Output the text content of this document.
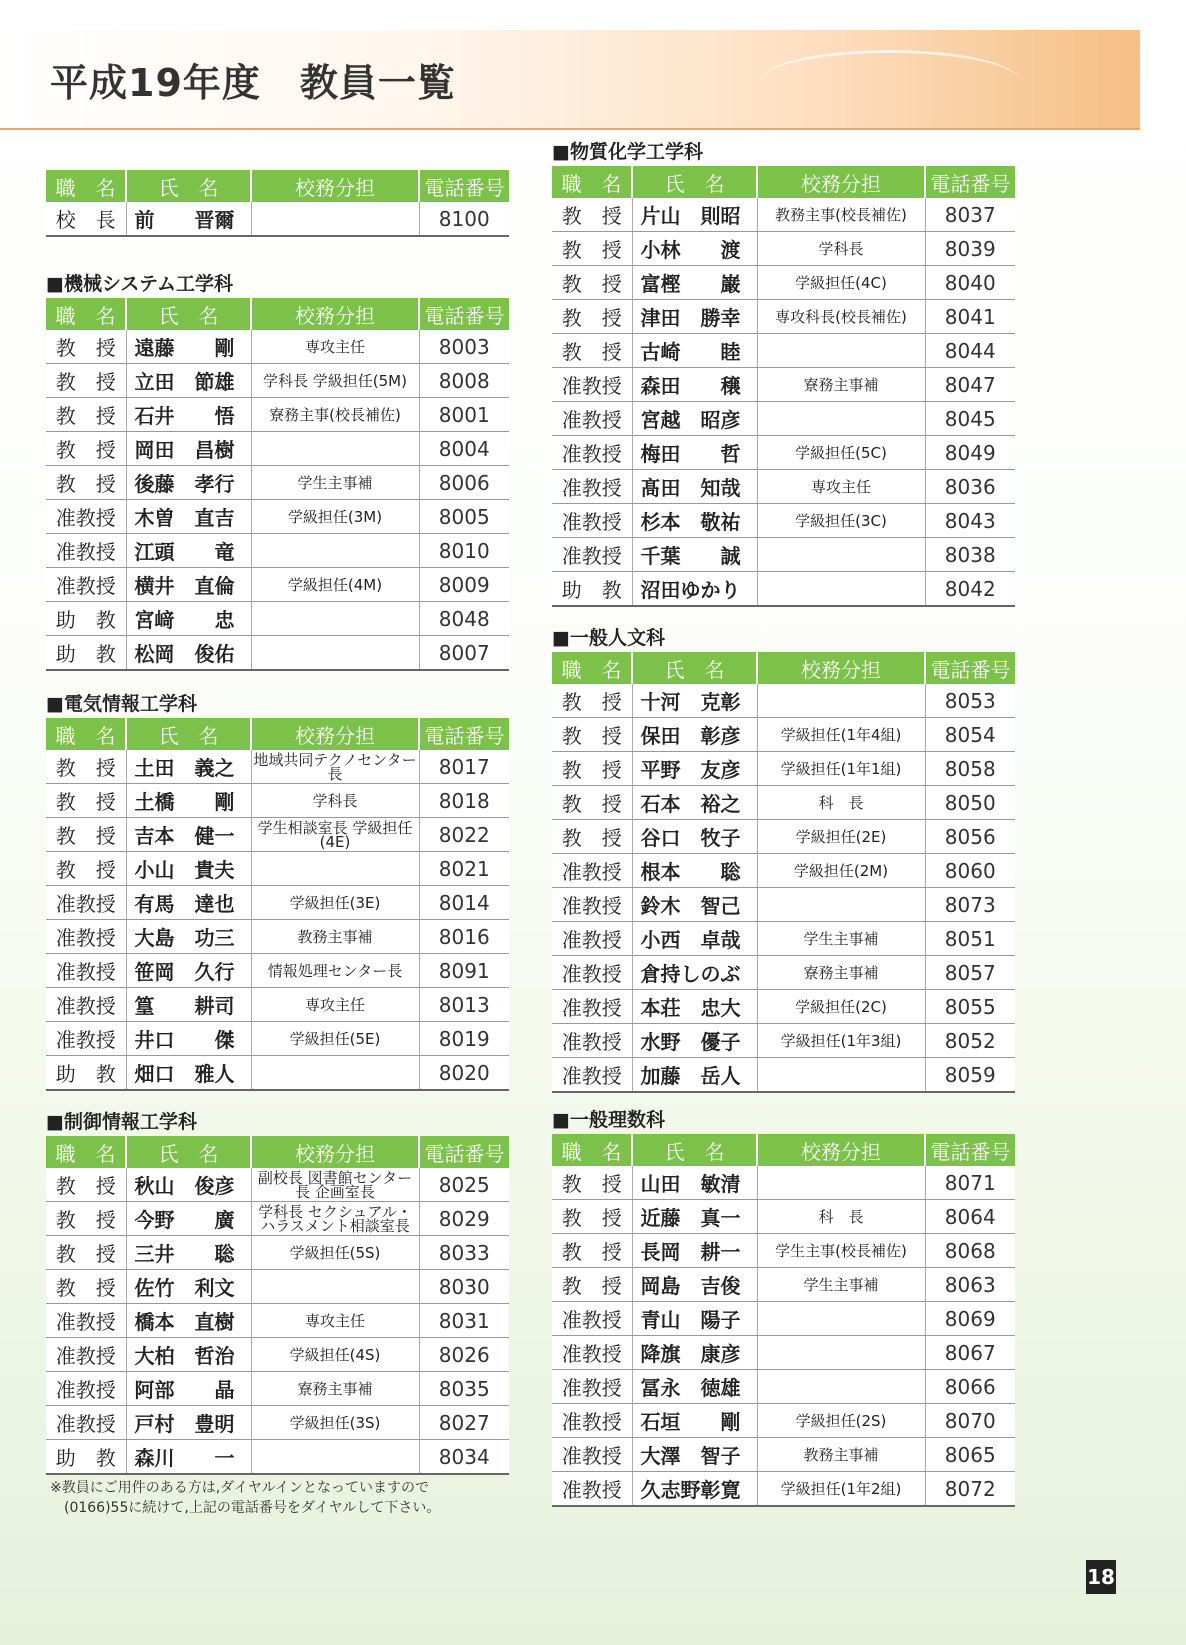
平成19年度　教員一覧
職　名	氏　名	校務分担	電話番号
校　長	前　　晋爾		8100
■機械システム工学科
職　名	氏　名	校務分担	電話番号
教　授	遠藤　　剛	専攻主任	8003
教　授	立田　節雄	学科長 学級担任(5M)	8008
教　授	石井　　悟	寮務主事(校長補佐)	8001
教　授	岡田　昌樹		8004
教　授	後藤　孝行	学生主事補	8006
准教授	木曽　直吉	学級担任(3M)	8005
准教授	江頭　　竜		8010
准教授	横井　直倫	学級担任(4M)	8009
助　教	宮﨑　　忠		8048
助　教	松岡　俊佑		8007
■電気情報工学科
職　名	氏　名	校務分担	電話番号
教　授	土田　義之	地域共同テクノセンター長	8017
教　授	土橋　　剛	学科長	8018
教　授	吉本　健一	学生相談室長 学級担任(4E)	8022
教　授	小山　貴夫		8021
准教授	有馬　達也	学級担任(3E)	8014
准教授	大島　功三	教務主事補	8016
准教授	笹岡　久行	情報処理センター長	8091
准教授	篁　　耕司	専攻主任	8013
准教授	井口　　傑	学級担任(5E)	8019
助　教	畑口　雅人		8020
■制御情報工学科
職　名	氏　名	校務分担	電話番号
教　授	秋山　俊彦	副校長 図書館センター長 企画室長	8025
教　授	今野　　廣	学科長 セクシュアル・ハラスメント相談室長	8029
教　授	三井　　聡	学級担任(5S)	8033
教　授	佐竹　利文		8030
准教授	橋本　直樹	専攻主任	8031
准教授	大柏　哲治	学級担任(4S)	8026
准教授	阿部　　晶	寮務主事補	8035
准教授	戸村　豊明	学級担任(3S)	8027
助　教	森川　　一		8034
■物質化学工学科
職　名	氏　名	校務分担	電話番号
教　授	片山　則昭	教務主事(校長補佐)	8037
教　授	小林　　渡	学科長	8039
教　授	富樫　　巌	学級担任(4C)	8040
教　授	津田　勝幸	専攻科長(校長補佐)	8041
教　授	古崎　　睦		8044
准教授	森田　　穣	寮務主事補	8047
准教授	宮越　昭彦		8045
准教授	梅田　　哲	学級担任(5C)	8049
准教授	髙田　知哉	専攻主任	8036
准教授	杉本　敬祐	学級担任(3C)	8043
准教授	千葉　　誠		8038
助　教	沼田ゆかり		8042
■一般人文科
職　名	氏　名	校務分担	電話番号
教　授	十河　克彰		8053
教　授	保田　彰彦	学級担任(1年4組)	8054
教　授	平野　友彦	学級担任(1年1組)	8058
教　授	石本　裕之	科　長	8050
教　授	谷口　牧子	学級担任(2E)	8056
准教授	根本　　聡	学級担任(2M)	8060
准教授	鈴木　智己		8073
准教授	小西　卓哉	学生主事補	8051
准教授	倉持しのぶ	寮務主事補	8057
准教授	本荘　忠大	学級担任(2C)	8055
准教授	水野　優子	学級担任(1年3組)	8052
准教授	加藤　岳人		8059
■一般理数科
職　名	氏　名	校務分担	電話番号
教　授	山田　敏清		8071
教　授	近藤　真一	科　長	8064
教　授	長岡　耕一	学生主事(校長補佐)	8068
教　授	岡島　吉俊	学生主事補	8063
准教授	青山　陽子		8069
准教授	降旗　康彦		8067
准教授	冨永　徳雄		8066
准教授	石垣　　剛	学級担任(2S)	8070
准教授	大澤　智子	教務主事補	8065
准教授	久志野彰寛	学級担任(1年2組)	8072
※教員にご用件のある方は,ダイヤルインとなっていますので
　(0166)55に続けて,上記の電話番号をダイヤルして下さい。
18
